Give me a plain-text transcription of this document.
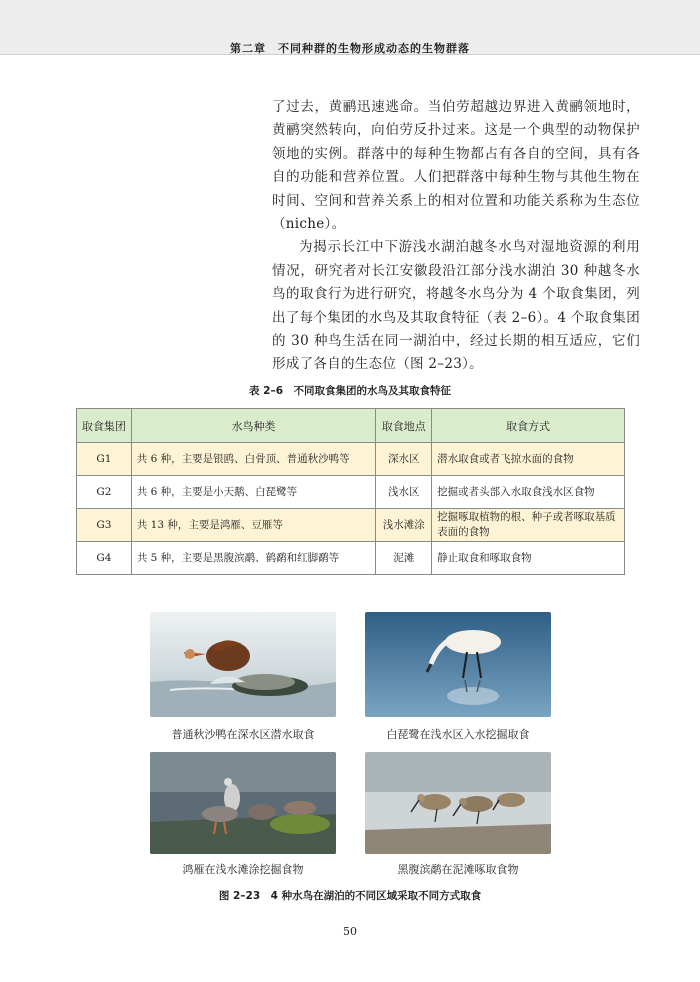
第二章　不同种群的生物形成动态的生物群落

了过去，黄鹂迅速逃命。当伯劳超越边界进入黄鹂领地时，黄鹂突然转向，向伯劳反扑过来。这是一个典型的动物保护领地的实例。群落中的每种生物都占有各自的空间，具有各自的功能和营养位置。人们把群落中每种生物与其他生物在时间、空间和营养关系上的相对位置和功能关系称为生态位（niche）。

为揭示长江中下游浅水湖泊越冬水鸟对湿地资源的利用情况，研究者对长江安徽段沿江部分浅水湖泊 30 种越冬水鸟的取食行为进行研究，将越冬水鸟分为 4 个取食集团，列出了每个集团的水鸟及其取食特征（表 2–6）。4 个取食集团的 30 种鸟生活在同一湖泊中，经过长期的相互适应，它们形成了各自的生态位（图 2–23）。

表 2–6　不同取食集团的水鸟及其取食特征
取食集团	水鸟种类	取食地点	取食方式
G1	共 6 种，主要是银鸥、白骨顶、普通秋沙鸭等	深水区	潜水取食或者飞掠水面的食物
G2	共 6 种，主要是小天鹅、白琵鹭等	浅水区	挖掘或者头部入水取食浅水区食物
G3	共 13 种，主要是鸿雁、豆雁等	浅水滩涂	挖掘啄取植物的根、种子或者啄取基质表面的食物
G4	共 5 种，主要是黑腹滨鹬、鹤鹬和红脚鹬等	泥滩	静止取食和啄取食物
普通秋沙鸭在深水区潜水取食	白琵鹭在浅水区入水挖掘取食
鸿雁在浅水滩涂挖掘食物	黑腹滨鹬在泥滩啄取食物
图 2–23　4 种水鸟在湖泊的不同区域采取不同方式取食
50
